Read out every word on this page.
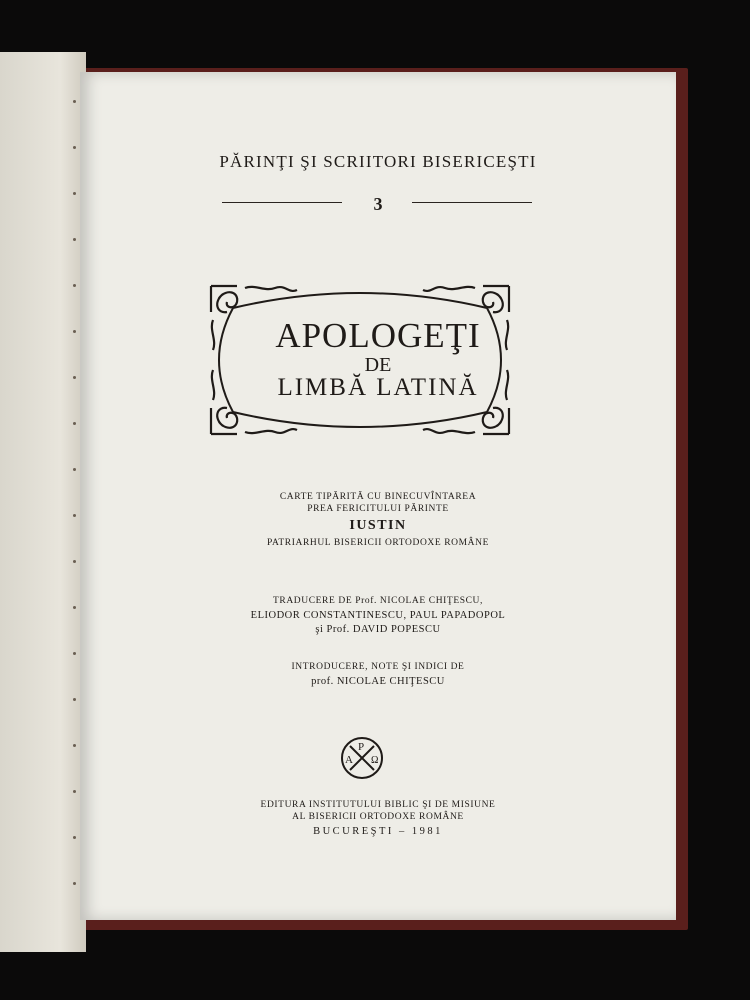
PĂRINŢI ŞI SCRIITORI BISERICEŞTI
3
APOLOGEŢI
DE
LIMBĂ LATINĂ
CARTE TIPĂRITĂ CU BINECUVÎNTAREA
PREA FERICITULUI PĂRINTE
IUSTIN
PATRIARHUL BISERICII ORTODOXE ROMÂNE
TRADUCERE DE Prof. NICOLAE CHIŢESCU,
ELIODOR CONSTANTINESCU, PAUL PAPADOPOL
şi Prof. DAVID POPESCU
INTRODUCERE, NOTE ŞI INDICI DE
prof. NICOLAE CHIŢESCU
A
P
Ω
EDITURA INSTITUTULUI BIBLIC ŞI DE MISIUNE
AL BISERICII ORTODOXE ROMÂNE
BUCUREŞTI – 1981
